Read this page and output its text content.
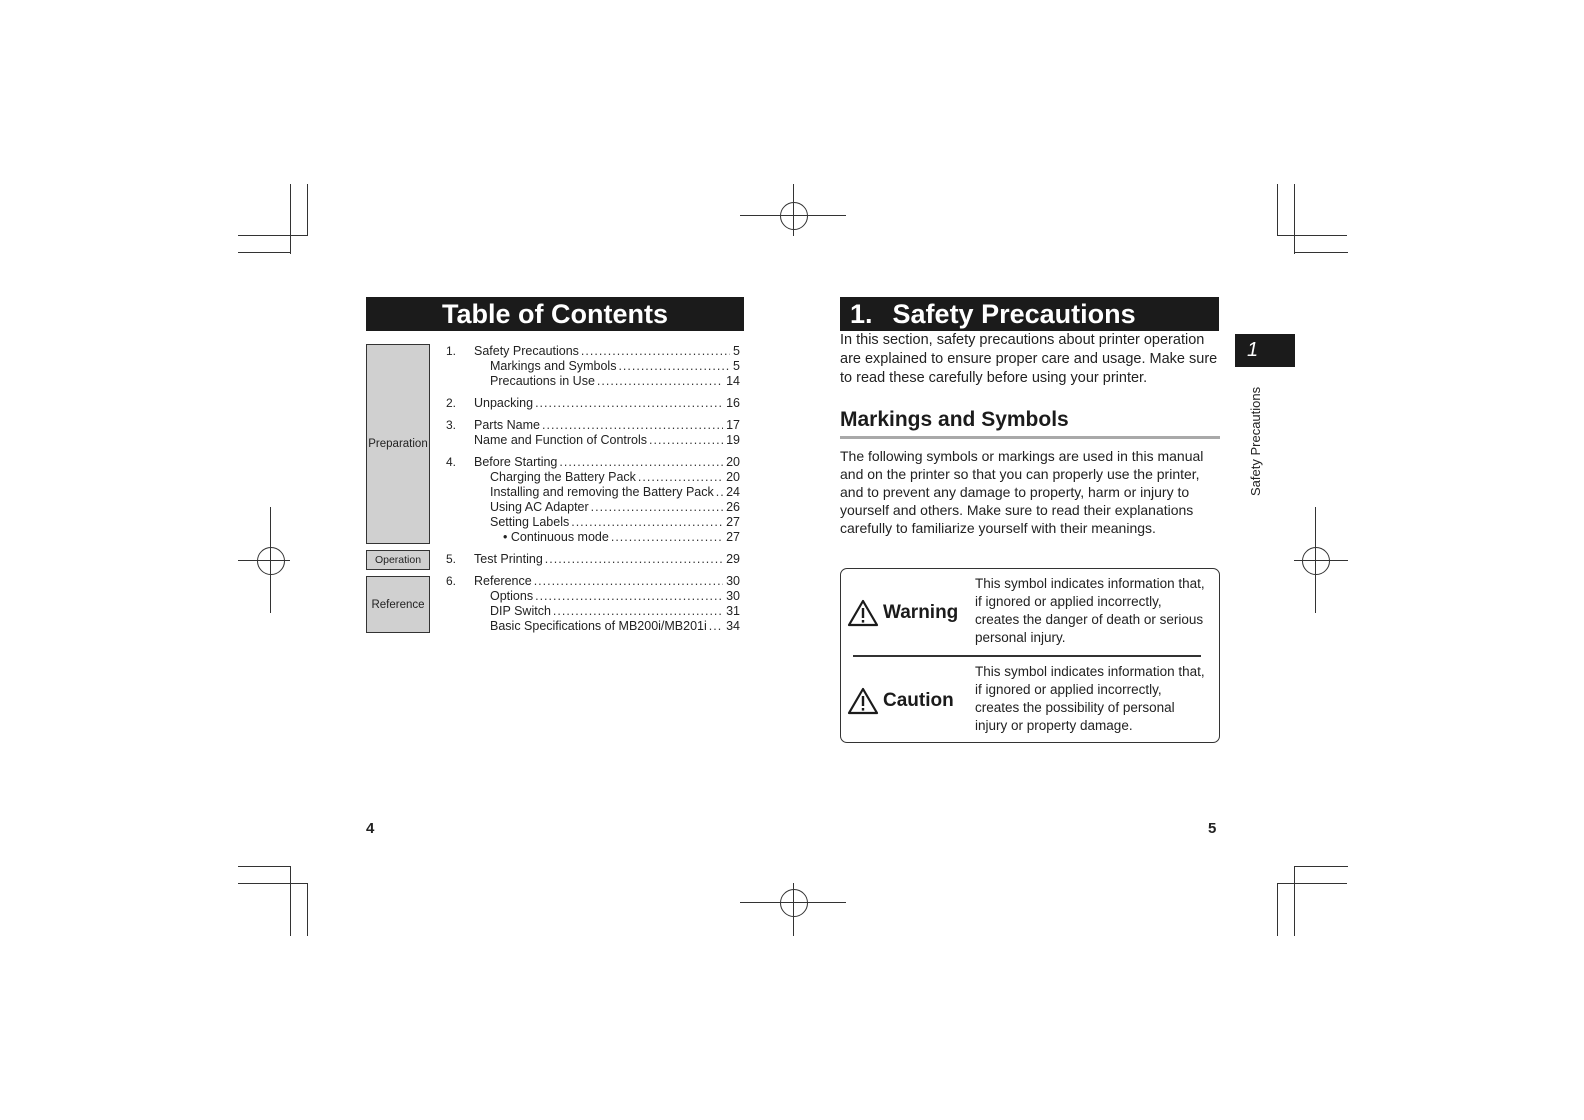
Table of Contents
Preparation
Operation
Reference
1. Safety Precautions .....	5
Markings and Symbols .....	5
Precautions in Use .....	14
2. Unpacking .....	16
3. Parts Name .....	17
Name and Function of Controls .....	19
4. Before Starting .....	20
Charging the Battery Pack .....	20
Installing and removing the Battery Pack ..... 24
Using AC Adapter .....	26
Setting Labels .....	27
• Continuous mode .....	27
5. Test Printing .....	29
6. Reference .....	30
Options .....	30
DIP Switch .....	31
Basic Specifications of MB200i/MB201i ..... 34
4
1. Safety Precautions
In this section, safety precautions about printer operation are explained to ensure proper care and usage. Make sure to read these carefully before using your printer.
Markings and Symbols
The following symbols or markings are used in this manual and on the printer so that you can properly use the printer, and to prevent any damage to property, harm or injury to yourself and others. Make sure to read their explanations carefully to familiarize yourself with their meanings.
Warning
This symbol indicates information that, if ignored or applied incorrectly, creates the danger of death or serious personal injury.
Caution
This symbol indicates information that, if ignored or applied incorrectly, creates the possibility of personal injury or property damage.
1
Safety Precautions
5
